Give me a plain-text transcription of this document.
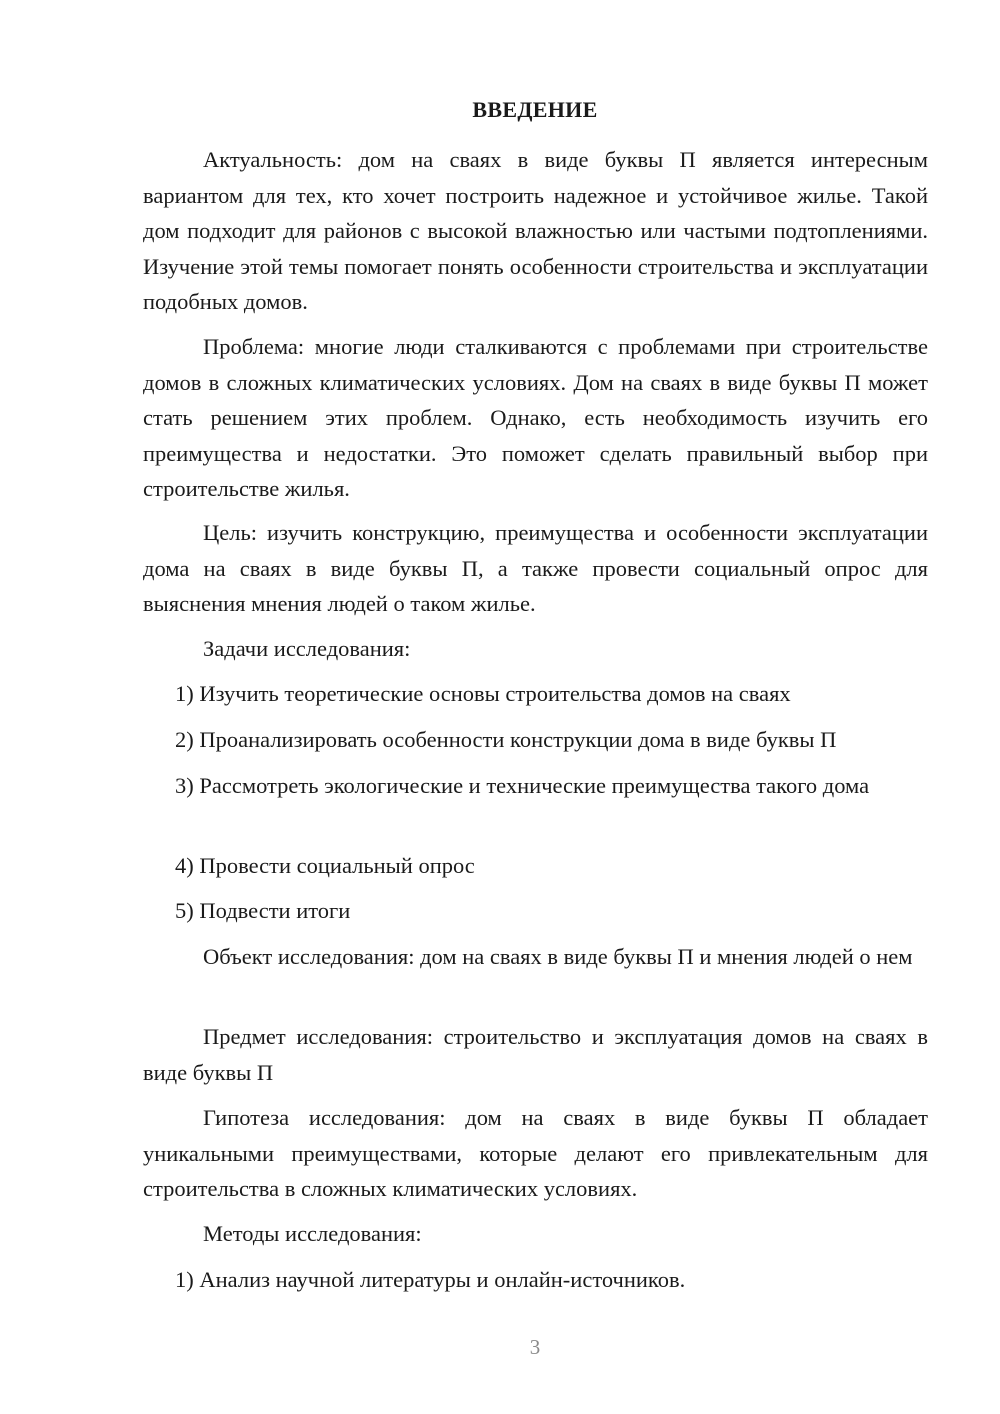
ВВЕДЕНИЕ

Актуальность: дом на сваях в виде буквы П является интересным вариантом для тех, кто хочет построить надежное и устойчивое жилье. Такой дом подходит для районов с высокой влажностью или частыми подтоплениями. Изучение этой темы помогает понять особенности строительства и эксплуатации подобных домов.

Проблема: многие люди сталкиваются с проблемами при строительстве домов в сложных климатических условиях. Дом на сваях в виде буквы П может стать решением этих проблем. Однако, есть необходимость изучить его преимущества и недостатки. Это поможет сделать правильный выбор при строительстве жилья.

Цель: изучить конструкцию, преимущества и особенности эксплуатации дома на сваях в виде буквы П, а также провести социальный опрос для выяснения мнения людей о таком жилье.

Задачи исследования:

1) Изучить теоретические основы строительства домов на сваях

2) Проанализировать особенности конструкции дома в виде буквы П

3) Рассмотреть экологические и технические преимущества такого дома

4) Провести социальный опрос

5) Подвести итоги

Объект исследования: дом на сваях в виде буквы П и мнения людей о нем

Предмет исследования: строительство и эксплуатация домов на сваях в виде буквы П

Гипотеза исследования: дом на сваях в виде буквы П обладает уникальными преимуществами, которые делают его привлекательным для строительства в сложных климатических условиях.

Методы исследования:

1) Анализ научной литературы и онлайн-источников.

3
